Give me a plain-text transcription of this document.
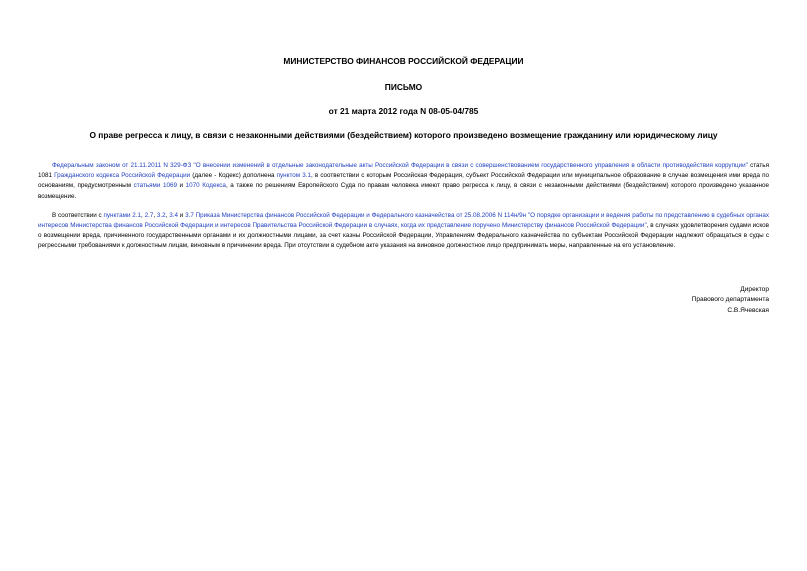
МИНИСТЕРСТВО ФИНАНСОВ РОССИЙСКОЙ ФЕДЕРАЦИИ

ПИСЬМО

от 21 марта 2012 года N 08-05-04/785

О праве регресса к лицу, в связи с незаконными действиями (бездействием) которого произведено возмещение гражданину или юридическому лицу

Федеральным законом от 21.11.2011 N 329-ФЗ "О внесении изменений в отдельные законодательные акты Российской Федерации в связи с совершенствованием государственного управления в области противодействия коррупции" статья 1081 Гражданского кодекса Российской Федерации (далее - Кодекс) дополнена пунктом 3.1, в соответствии с которым Российская Федерация, субъект Российской Федерации или муниципальное образование в случае возмещения ими вреда по основаниям, предусмотренным статьями 1069 и 1070 Кодекса, а также по решениям Европейского Суда по правам человека имеют право регресса к лицу, в связи с незаконными действиями (бездействием) которого произведено указанное возмещение.

В соответствии с пунктами 2.1, 2.7, 3.2, 3.4 и 3.7 Приказа Министерства финансов Российской Федерации и Федерального казначейства от 25.08.2006 N 114н/9н "О порядке организации и ведения работы по представлению в судебных органах интересов Министерства финансов Российской Федерации и интересов Правительства Российской Федерации в случаях, когда их представление поручено Министерству финансов Российской Федерации", в случаях удовлетворения судами исков о возмещении вреда, причиненного государственными органами и их должностными лицами, за счет казны Российской Федерации, Управлениям Федерального казначейства по субъектам Российской Федерации надлежит обращаться в суды с регрессными требованиями к должностным лицам, виновным в причинении вреда. При отсутствии в судебном акте указания на виновное должностное лицо предпринимать меры, направленные на его установление.

Директор
Правового департамента
С.В.Ячевская
